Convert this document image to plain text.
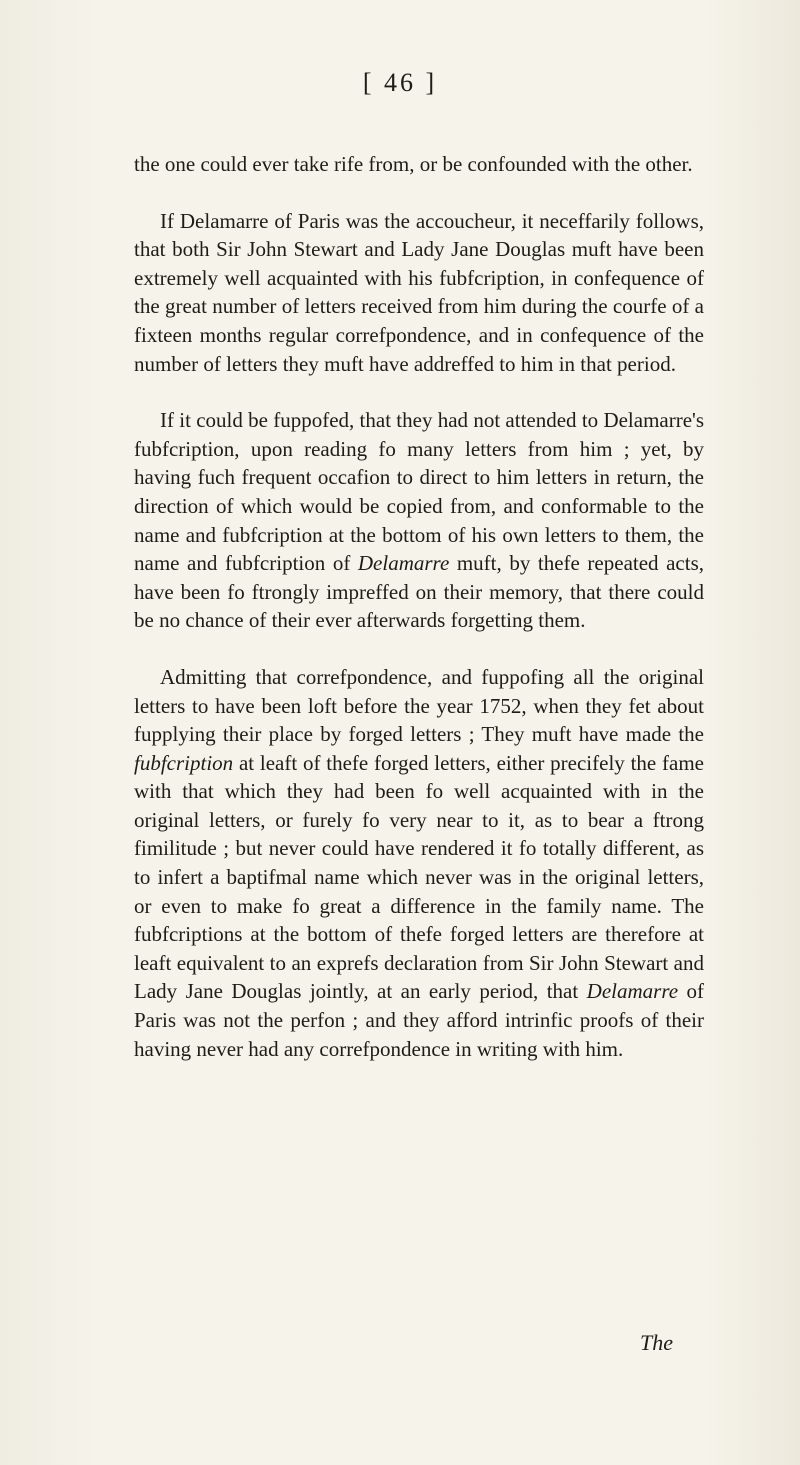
[ 46 ]

the one could ever take rife from, or be confounded with the other.

If Delamarre of Paris was the accoucheur, it neceffarily follows, that both Sir John Stewart and Lady Jane Douglas muft have been extremely well acquainted with his fubfcription, in confequence of the great number of letters received from him during the courfe of a fixteen months regular correfpondence, and in confequence of the number of letters they muft have addreffed to him in that period.

If it could be fuppofed, that they had not attended to Delamarre's fubfcription, upon reading fo many letters from him ; yet, by having fuch frequent occafion to direct to him letters in return, the direction of which would be copied from, and conformable to the name and fubfcription at the bottom of his own letters to them, the name and fubfcription of Delamarre muft, by thefe repeated acts, have been fo ftrongly impreffed on their memory, that there could be no chance of their ever afterwards forgetting them.

Admitting that correfpondence, and fuppofing all the original letters to have been loft before the year 1752, when they fet about fupplying their place by forged letters ; They muft have made the fubfcription at leaft of thefe forged letters, either precifely the fame with that which they had been fo well acquainted with in the original letters, or furely fo very near to it, as to bear a ftrong fimilitude ; but never could have rendered it fo totally different, as to infert a baptifmal name which never was in the original letters, or even to make fo great a difference in the family name. The fubfcriptions at the bottom of thefe forged letters are therefore at leaft equivalent to an exprefs declaration from Sir John Stewart and Lady Jane Douglas jointly, at an early period, that Delamarre of Paris was not the perfon ; and they afford intrinfic proofs of their having never had any correfpondence in writing with him.

The
